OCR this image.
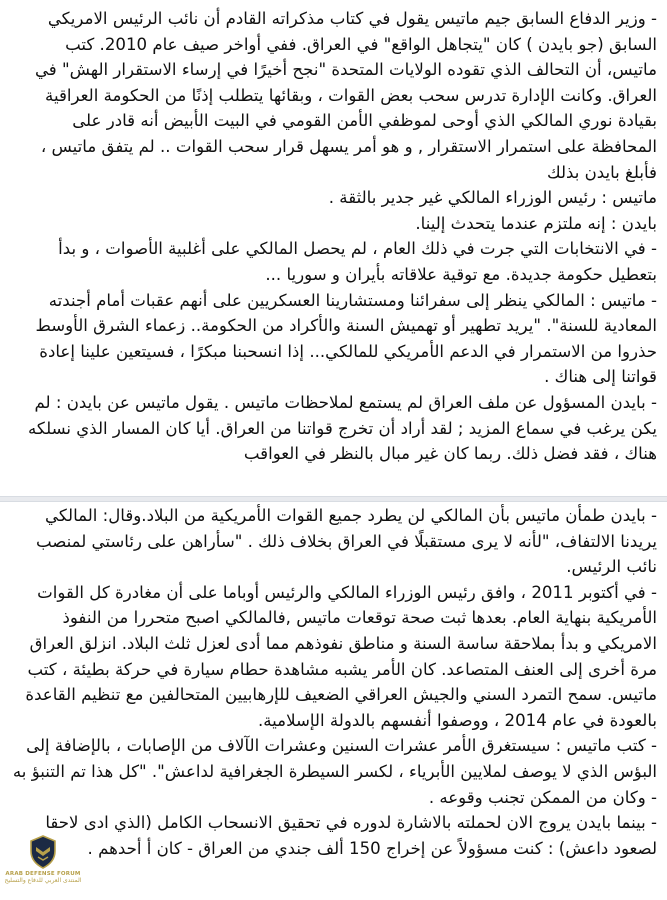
- وزير الدفاع السابق جيم ماتيس يقول في كتاب مذكراته القادم أن نائب الرئيس الامريكي السابق (جو بايدن ) كان "يتجاهل الواقع" في العراق. ففي أواخر صيف عام 2010. كتب ماتيس، أن التحالف الذي تقوده الولايات المتحدة "نجح أخيرًا في إرساء الاستقرار الهش" في العراق. وكانت الإدارة تدرس سحب بعض القوات ، وبقائها يتطلب إذنًا من الحكومة العراقية بقيادة نوري المالكي الذي أوحى لموظفي الأمن القومي في البيت الأبيض أنه قادر على المحافظة على استمرار الاستقرار , و هو أمر يسهل قرار سحب القوات .. لم يتفق ماتيس ، فأبلغ بايدن بذلك

ماتيس : رئيس الوزراء المالكي غير جدير بالثقة .

بايدن : إنه ملتزم عندما يتحدث إلينا.

- في الانتخابات التي جرت في ذلك العام ، لم يحصل المالكي على أغلبية الأصوات ، و بدأ بتعطيل حكومة جديدة. مع توقية علاقاته بأيران و سوريا ...

- ماتيس : المالكي ينظر إلى سفرائنا ومستشارينا العسكريين على أنهم عقبات أمام أجندته المعادية للسنة". "يريد تطهير أو تهميش السنة والأكراد من الحكومة.. زعماء الشرق الأوسط حذروا من الاستمرار في الدعم الأمريكي للمالكي... إذا انسحبنا مبكرًا ، فسيتعين علينا إعادة قواتنا إلى هناك .

- بايدن المسؤول عن ملف العراق لم يستمع لملاحظات ماتيس . يقول ماتيس عن بايدن : لم يكن يرغب في سماع المزيد ; لقد أراد أن تخرج قواتنا من العراق. أيا كان المسار الذي نسلكه هناك ، فقد فضل ذلك. ربما كان غير مبال بالنظر في العواقب

- بايدن طمأن ماتيس بأن المالكي لن يطرد جميع القوات الأمريكية من البلاد.وقال: المالكي يريدنا الالتفاف، "لأنه لا يرى مستقبلًا في العراق بخلاف ذلك . "سأراهن على رئاستي لمنصب نائب الرئيس.

- في أكتوبر 2011 ، وافق رئيس الوزراء المالكي والرئيس أوباما على أن مغادرة كل القوات الأمريكية بنهاية العام. بعدها ثبت صحة توقعات ماتيس ,فالمالكي اصبح متحررا من النفوذ الامريكي و بدأ بملاحقة ساسة السنة و مناطق نفوذهم مما أدى لعزل ثلث البلاد. انزلق العراق مرة أخرى إلى العنف المتصاعد. كان الأمر يشبه مشاهدة حطام سيارة في حركة بطيئة ، كتب ماتيس. سمح التمرد السني والجيش العراقي الضعيف للإرهابيين المتحالفين مع تنظيم القاعدة بالعودة في عام 2014 ، ووصفوا أنفسهم بالدولة الإسلامية.

- كتب ماتيس : سيستغرق الأمر عشرات السنين وعشرات الآلاف من الإصابات ، بالإضافة إلى البؤس الذي لا يوصف لملايين الأبرياء ، لكسر السيطرة الجغرافية لداعش". "كل هذا تم التنبؤ به - وكان من الممكن تجنب وقوعه .

- بينما بايدن يروج الان لحملته بالاشارة لدوره في تحقيق الانسحاب الكامل (الذي ادى لاحقا لصعود داعش) : كنت مسؤولاً عن إخراج 150 ألف جندي من العراق - كان أ أحدهم .

ARAB DEFENSE FORUM
المنتدى العربي للدفاع والتسليح
